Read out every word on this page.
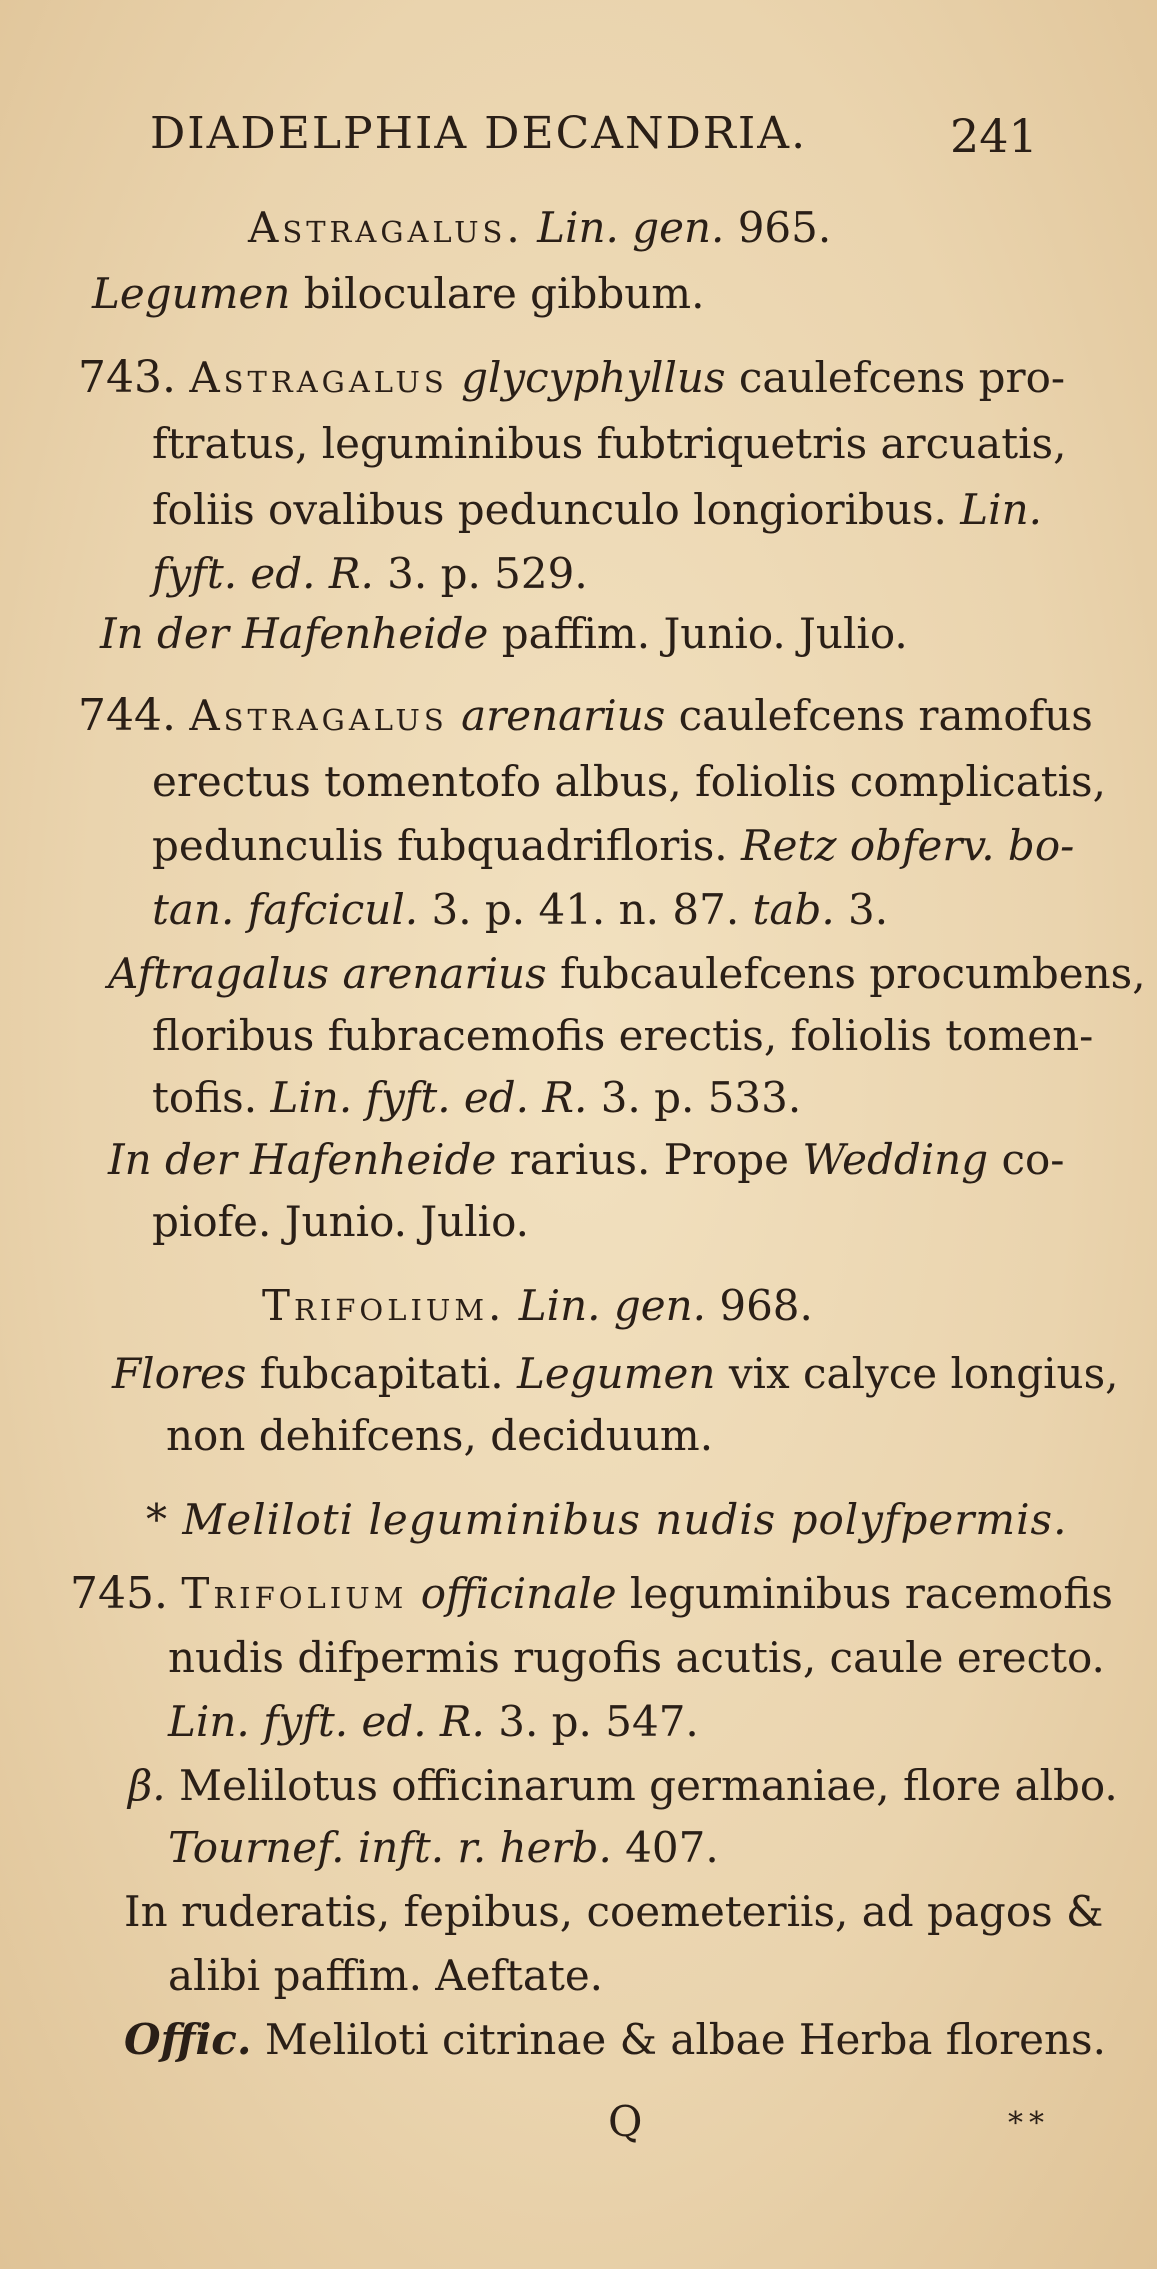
DIADELPHIA DECANDRIA.	241
Astragalus. Lin. gen. 965.
Legumen biloculare gibbum.
743. Astragalus glycyphyllus caulefcens pro-
ftratus, leguminibus fubtriquetris arcuatis,
foliis ovalibus pedunculo longioribus. Lin.
fyft. ed. R. 3. p. 529.
In der Hafenheide paffim. Junio. Julio.
744. Astragalus arenarius caulefcens ramofus
erectus tomentofo albus, foliolis complicatis,
pedunculis fubquadrifloris. Retz obferv. bo-
tan. fafcicul. 3. p. 41. n. 87. tab. 3.
Aftragalus arenarius fubcaulefcens procumbens,
floribus fubracemofis erectis, foliolis tomen-
tofis. Lin. fyft. ed. R. 3. p. 533.
In der Hafenheide rarius. Prope Wedding co-
piofe. Junio. Julio.
Trifolium. Lin. gen. 968.
Flores fubcapitati. Legumen vix calyce longius,
non dehifcens, deciduum.
* Meliloti leguminibus nudis polyfpermis.
745. Trifolium officinale leguminibus racemofis
nudis difpermis rugofis acutis, caule erecto.
Lin. fyft. ed. R. 3. p. 547.
β. Melilotus officinarum germaniae, flore albo.
Tournef. inft. r. herb. 407.
In ruderatis, fepibus, coemeteriis, ad pagos &
alibi paffim. Aeftate.
Offic. Meliloti citrinae & albae Herba florens.
Q	**
